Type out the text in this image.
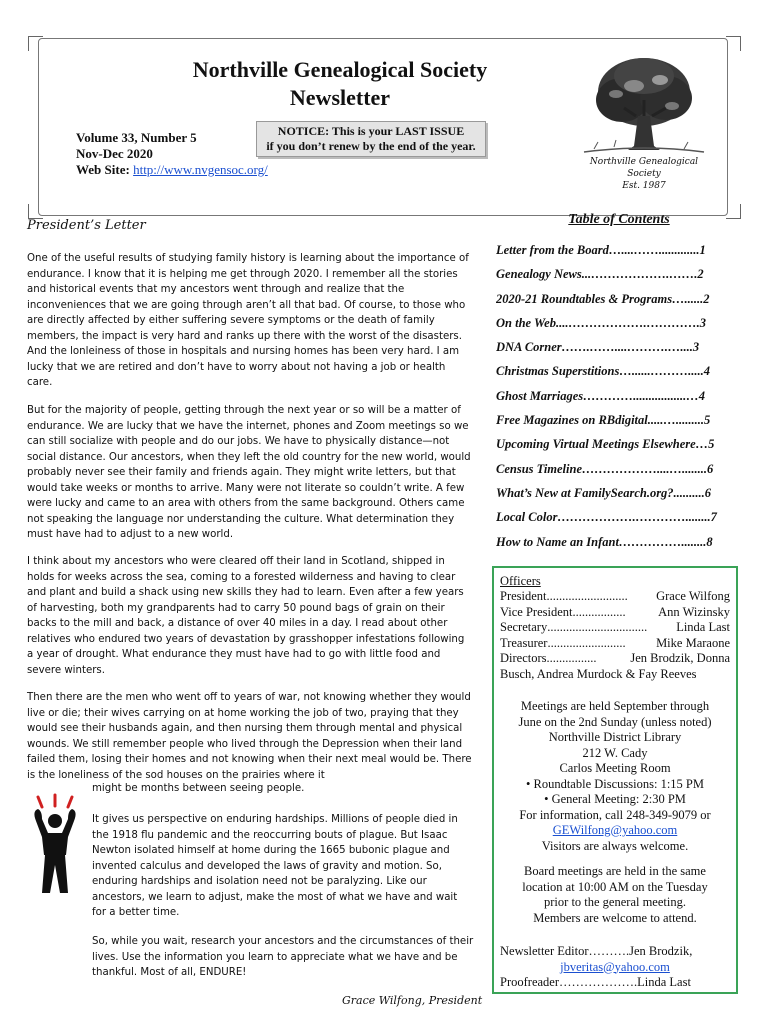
Northville Genealogical Society
Newsletter
NOTICE: This is your LAST ISSUE
if you don’t renew by the end of the year.
Volume 33, Number 5
Nov-Dec 2020
Web Site: http://www.nvgensoc.org/	Northville Genealogical Society
Est. 1987
President’s Letter

One of the useful results of studying family history is learning about the importance of endurance. I know that it is helping me get through 2020. I remember all the stories and historical events that my ancestors went through and realize that the inconveniences that we are going through aren’t all that bad. Of course, to those who are directly affected by either suffering severe symptoms or the death of family members, the impact is very hard and ranks up there with the worst of the disasters. And the lonleiness of those in hospitals and nursing homes has been very hard. I am lucky that we are retired and don’t have to worry about not having a job or health care.

But for the majority of people, getting through the next year or so will be a matter of endurance. We are lucky that we have the internet, phones and Zoom meetings so we can still socialize with people and do our jobs. We have to physically distance—not social distance. Our ancestors, when they left the old country for the new world, would probably never see their family and friends again. They might write letters, but that would take weeks or months to arrive. Many were not literate so couldn’t write. A few were lucky and came to an area with others from the same background. Others came not speaking the language nor understanding the culture. What determination they must have had to adjust to a new world.

I think about my ancestors who were cleared off their land in Scotland, shipped in holds for weeks across the sea, coming to a forested wilderness and having to clear and plant and build a shack using new skills they had to learn. Even after a few years of harvesting, both my grandparents had to carry 50 pound bags of grain on their backs to the mill and back, a distance of over 40 miles in a day. I read about other relatives who endured two years of devastation by grasshopper infestations following a year of drought. What endurance they must have had to go with little food and severe winters.

Then there are the men who went off to years of war, not knowing whether they would live or die; their wives carrying on at home working the job of two, praying that they would see their husbands again, and then nursing them through mental and physical wounds. We still remember people who lived through the Depression when their land failed them, losing their homes and not knowing when their next meal would be. There is the loneliness of the sod houses on the prairies where it

might be months between seeing people.

It gives us perspective on enduring hardships. Millions of people died in the 1918 flu pandemic and the reoccurring bouts of plague. But Isaac Newton isolated himself at home during the 1665 bubonic plague and invented calculus and developed the laws of gravity and motion. So, enduring hardships and isolation need not be paralyzing. Like our ancestors, we learn to adjust, make the most of what we have and wait for a better time.

So, while you wait, research your ancestors and the circumstances of their lives. Use the information you learn to appreciate what we have and be thankful. Most of all, ENDURE!

Grace Wilfong, President
Table of Contents
Letter from the Board…....…….............1
Genealogy News...……………….…….2
2020-21 Roundtables & Programs…......2
On the Web....……………….………….3
DNA Corner…….……....……….…....3
Christmas Superstitions…......……….....4
Ghost Marriages………….................…4
Free Magazines on RBdigital.....….........5
Upcoming Virtual Meetings Elsewhere…5
Census Timeline………………....…........6
What’s New at FamilySearch.org?..........6
Local Color……………….…………........7
How to Name an Infant……………........8
Officers
President ..........................	Grace Wilfong
Vice President .................	Ann Wizinsky
Secretary ................................	Linda Last
Treasurer .........................	Mike Maraone
Directors ................	Jen Brodzik, Donna
Busch, Andrea Murdock & Fay Reeves
Meetings are held September through
June on the 2nd Sunday (unless noted)
Northville District Library
212 W. Cady
Carlos Meeting Room
• Roundtable Discussions: 1:15 PM
• General Meeting: 2:30 PM
For information, call 248-349-9079 or
GEWilfong@yahoo.com
Visitors are always welcome.
Board meetings are held in the same
location at 10:00 AM on the Tuesday
prior to the general meeting.
Members are welcome to attend.
Newsletter Editor……….Jen Brodzik,
jbveritas@yahoo.com
Proofreader……………….Linda Last
